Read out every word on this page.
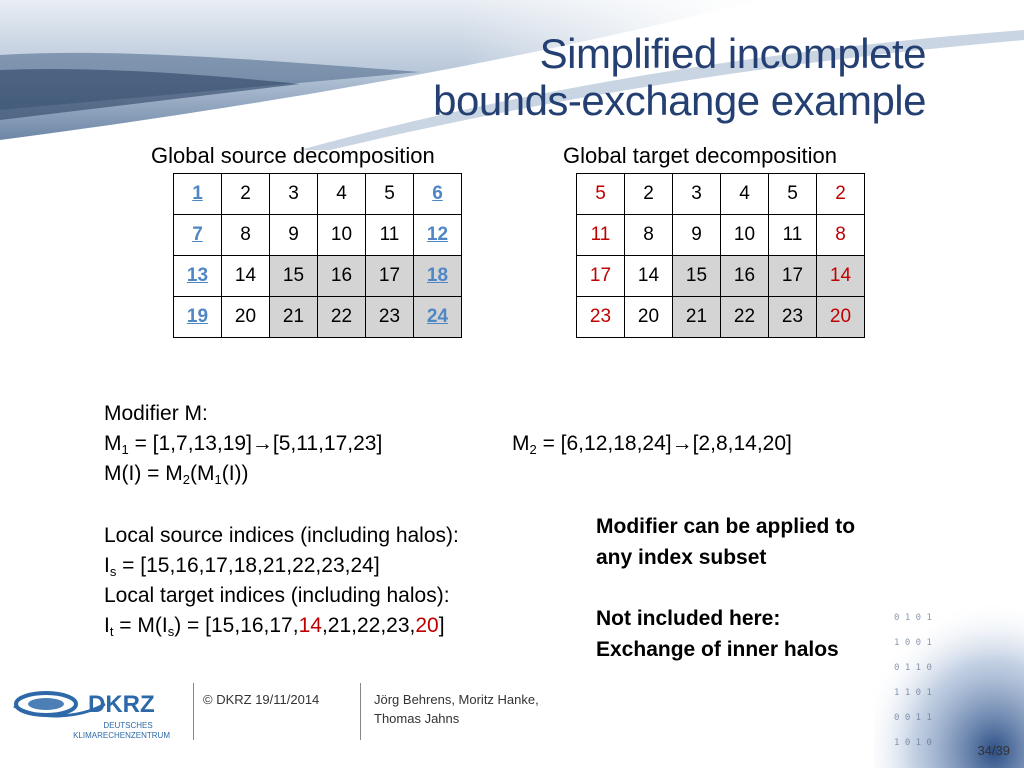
Simplified incomplete
bounds-exchange example
Global source decomposition	Global target decomposition
1	2	3	4	5	6
7	8	9	10	11	12
13	14	15	16	17	18
19	20	21	22	23	24
5	2	3	4	5	2
11	8	9	10	11	8
17	14	15	16	17	14
23	20	21	22	23	20
Modifier M:
$M_1 = [1,7,13,19]\to[5,11,17,23]$
$M(I) = M_2(M_1(I))$
$M_2 = [6,12,18,24]\to[2,8,14,20]$
Local source indices (including halos):
$I_s = [15,16,17,18,21,22,23,24]$
Local target indices (including halos):
$I_t = M(I_s) = [15,16,17,14,21,22,23,20]$
Modifier can be applied to
any index subset
Not included here:
Exchange of inner halos
0 1 0 1
1 0 0 1
0 1 1 0
1 1 0 1
0 0 1 1
1 0 1 0
DKRZ
DEUTSCHES
KLIMARECHENZENTRUM
© DKRZ 19/11/2014	Jörg Behrens, Moritz Hanke,
Thomas Jahns
34/39
